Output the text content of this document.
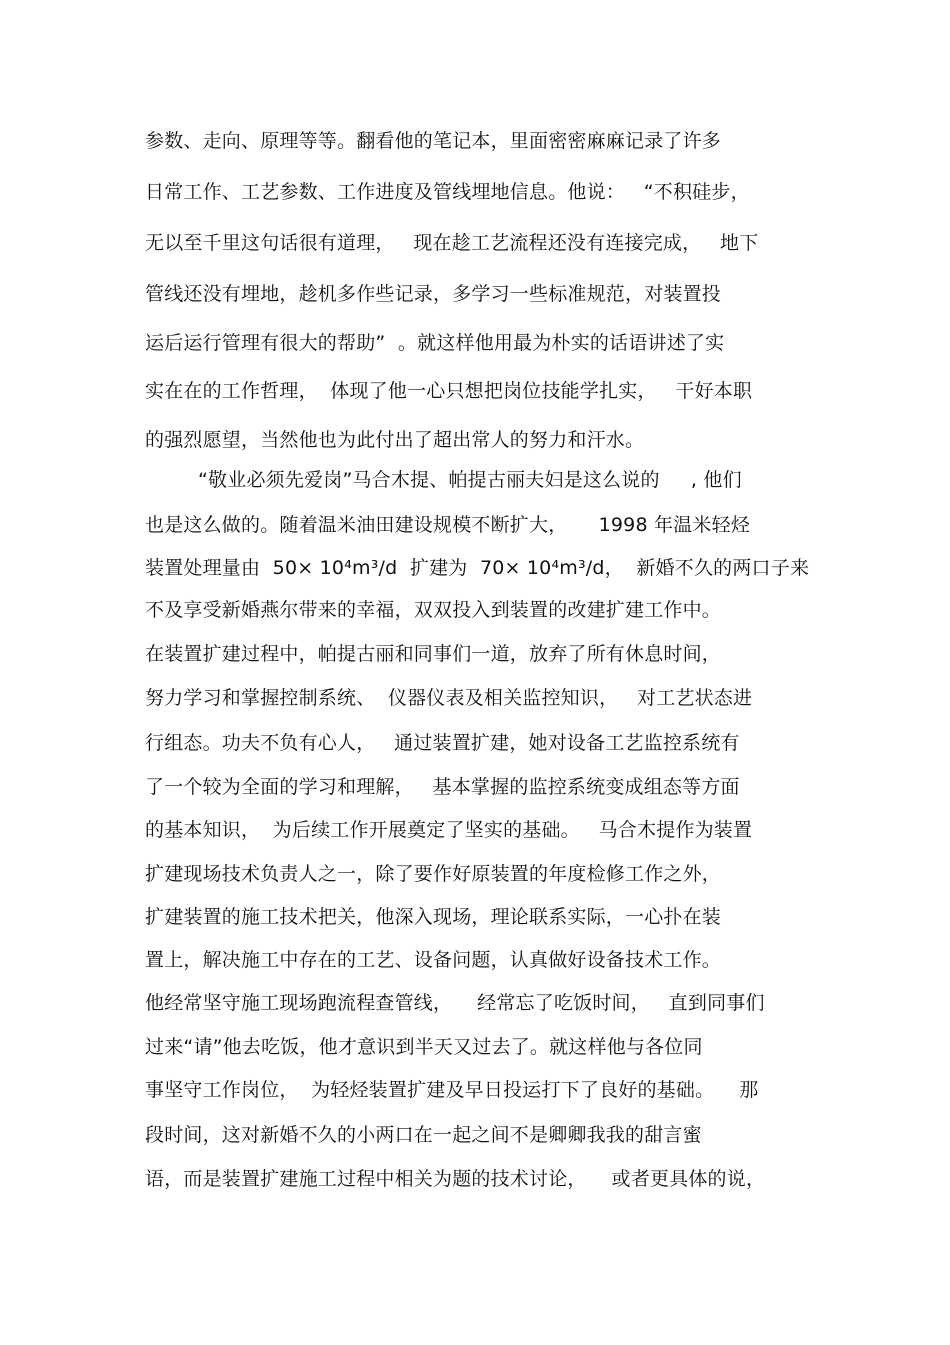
参数、走向、原理等等。翻看他的笔记本，里面密密麻麻记录了许多
日常工作、工艺参数、工作进度及管线埋地信息。他说：   “不积硅步，
无以至千里这句话很有道理，   现在趁工艺流程还没有连接完成，   地下
管线还没有埋地，趁机多作些记录，多学习一些标准规范，对装置投
运后运行管理有很大的帮助”  。就这样他用最为朴实的话语讲述了实
实在在的工作哲理，  体现了他一心只想把岗位技能学扎实，   干好本职
的强烈愿望，当然他也为此付出了超出常人的努力和汗水。
“敬业必须先爱岗”马合木提、帕提古丽夫妇是这么说的     , 他们
也是这么做的。随着温米油田建设规模不断扩大，     1998 年温米轻烃
装置处理量由  50× 10⁴m³/d  扩建为  70× 10⁴m³/d，  新婚不久的两口子来
不及享受新婚燕尔带来的幸福，双双投入到装置的改建扩建工作中。
在装置扩建过程中，帕提古丽和同事们一道，放弃了所有休息时间，
努力学习和掌握控制系统、  仪器仪表及相关监控知识，   对工艺状态进
行组态。功夫不负有心人，   通过装置扩建，她对设备工艺监控系统有
了一个较为全面的学习和理解，   基本掌握的监控系统变成组态等方面
的基本知识，  为后续工作开展奠定了坚实的基础。   马合木提作为装置
扩建现场技术负责人之一，除了要作好原装置的年度检修工作之外，
扩建装置的施工技术把关，他深入现场，理论联系实际，一心扑在装
置上，解决施工中存在的工艺、设备问题，认真做好设备技术工作。
他经常坚守施工现场跑流程查管线，    经常忘了吃饭时间，   直到同事们
过来“请”他去吃饭，他才意识到半天又过去了。就这样他与各位同
事坚守工作岗位，  为轻烃装置扩建及早日投运打下了良好的基础。    那
段时间，这对新婚不久的小两口在一起之间不是卿卿我我的甜言蜜
语，而是装置扩建施工过程中相关为题的技术讨论，    或者更具体的说，
